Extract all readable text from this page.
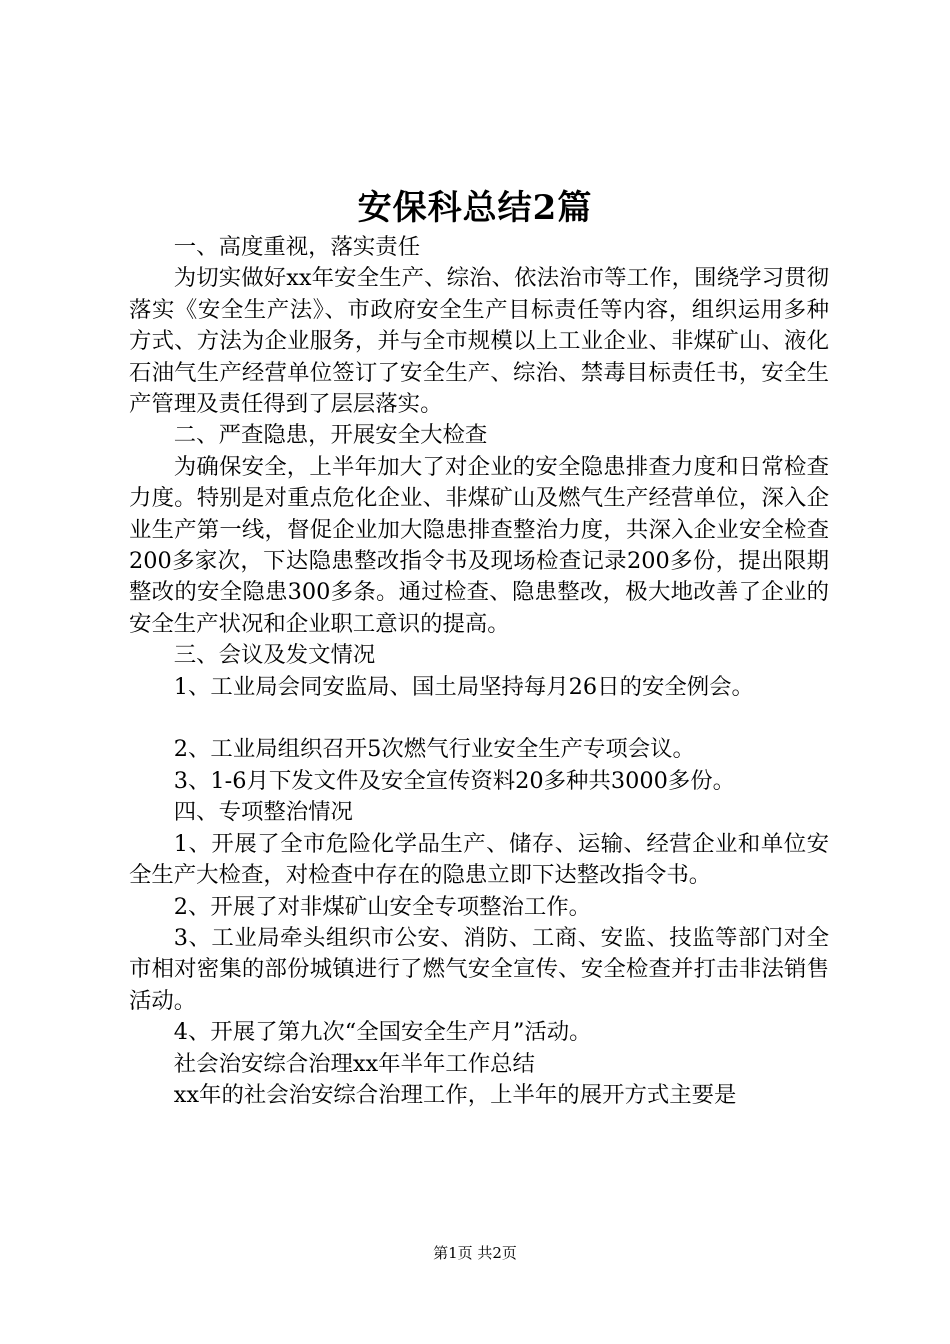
安保科总结2篇

一、高度重视，落实责任

为切实做好xx年安全生产、综治、依法治市等工作，围绕学习贯彻落实《安全生产法》、市政府安全生产目标责任等内容，组织运用多种方式、方法为企业服务，并与全市规模以上工业企业、非煤矿山、液化石油气生产经营单位签订了安全生产、综治、禁毒目标责任书，安全生产管理及责任得到了层层落实。

二、严查隐患，开展安全大检查

为确保安全，上半年加大了对企业的安全隐患排查力度和日常检查力度。特别是对重点危化企业、非煤矿山及燃气生产经营单位，深入企业生产第一线，督促企业加大隐患排查整治力度，共深入企业安全检查200多家次，下达隐患整改指令书及现场检查记录200多份，提出限期整改的安全隐患300多条。通过检查、隐患整改，极大地改善了企业的安全生产状况和企业职工意识的提高。

三、会议及发文情况

1、工业局会同安监局、国土局坚持每月26日的安全例会。

2、工业局组织召开5次燃气行业安全生产专项会议。

3、1-6月下发文件及安全宣传资料20多种共3000多份。

四、专项整治情况

1、开展了全市危险化学品生产、储存、运输、经营企业和单位安全生产大检查，对检查中存在的隐患立即下达整改指令书。

2、开展了对非煤矿山安全专项整治工作。

3、工业局牵头组织市公安、消防、工商、安监、技监等部门对全市相对密集的部份城镇进行了燃气安全宣传、安全检查并打击非法销售活动。

4、开展了第九次“全国安全生产月”活动。

社会治安综合治理xx年半年工作总结

xx年的社会治安综合治理工作，上半年的展开方式主要是

第1页 共2页
